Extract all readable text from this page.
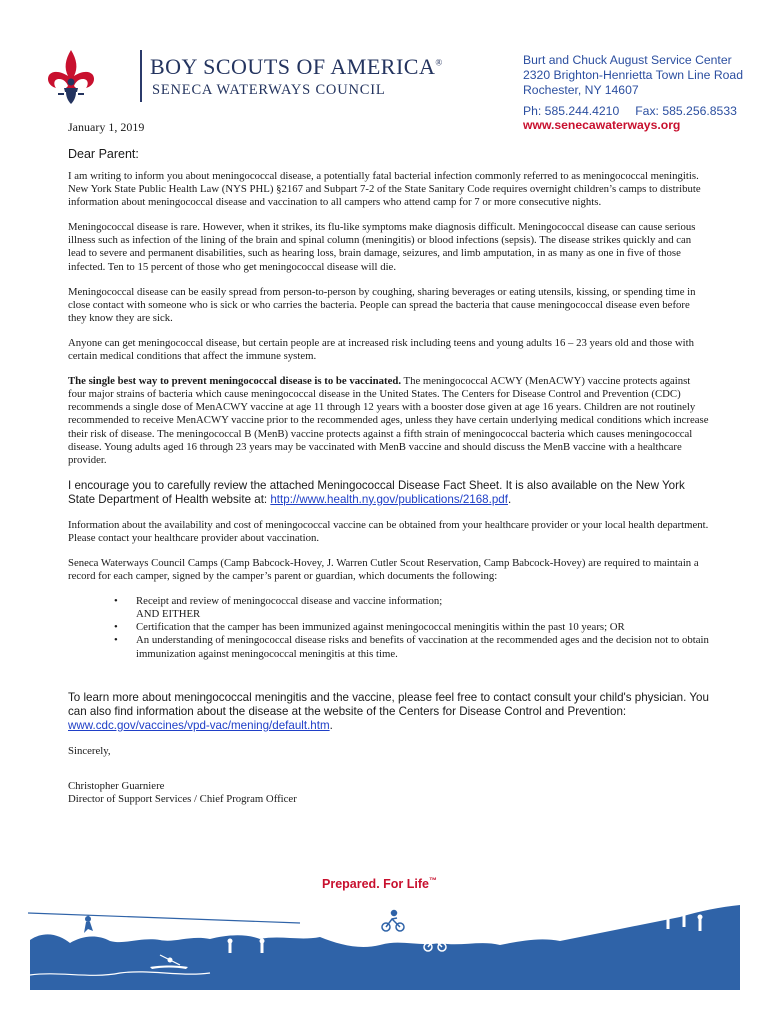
BOY SCOUTS OF AMERICA®
SENECA WATERWAYS COUNCIL
Burt and Chuck August Service Center
2320 Brighton-Henrietta Town Line Road
Rochester, NY 14607
Ph: 585.244.4210 Fax: 585.256.8533
www.senecawaterways.org
January 1, 2019
Dear Parent:

I am writing to inform you about meningococcal disease, a potentially fatal bacterial infection commonly referred to as meningococcal meningitis. New York State Public Health Law (NYS PHL) §2167 and Subpart 7-2 of the State Sanitary Code requires overnight children’s camps to distribute information about meningococcal disease and vaccination to all campers who attend camp for 7 or more consecutive nights.

Meningococcal disease is rare. However, when it strikes, its flu-like symptoms make diagnosis difficult. Meningococcal disease can cause serious illness such as infection of the lining of the brain and spinal column (meningitis) or blood infections (sepsis). The disease strikes quickly and can lead to severe and permanent disabilities, such as hearing loss, brain damage, seizures, and limb amputation, in as many as one in five of those infected. Ten to 15 percent of those who get meningococcal disease will die.

Meningococcal disease can be easily spread from person-to-person by coughing, sharing beverages or eating utensils, kissing, or spending time in close contact with someone who is sick or who carries the bacteria. People can spread the bacteria that cause meningococcal disease even before they know they are sick.

Anyone can get meningococcal disease, but certain people are at increased risk including teens and young adults 16 – 23 years old and those with certain medical conditions that affect the immune system.

The single best way to prevent meningococcal disease is to be vaccinated. The meningococcal ACWY (MenACWY) vaccine protects against four major strains of bacteria which cause meningococcal disease in the United States. The Centers for Disease Control and Prevention (CDC) recommends a single dose of MenACWY vaccine at age 11 through 12 years with a booster dose given at age 16 years. Children are not routinely recommended to receive MenACWY vaccine prior to the recommended ages, unless they have certain underlying medical conditions which increase their risk of disease. The meningococcal B (MenB) vaccine protects against a fifth strain of meningococcal bacteria which causes meningococcal disease. Young adults aged 16 through 23 years may be vaccinated with MenB vaccine and should discuss the MenB vaccine with a healthcare provider.

I encourage you to carefully review the attached Meningococcal Disease Fact Sheet. It is also available on the New York State Department of Health website at: http://www.health.ny.gov/publications/2168.pdf.

Information about the availability and cost of meningococcal vaccine can be obtained from your healthcare provider or your local health department. Please contact your healthcare provider about vaccination.

Seneca Waterways Council Camps (Camp Babcock-Hovey, J. Warren Cutler Scout Reservation, Camp Babcock-Hovey) are required to maintain a record for each camper, signed by the camper’s parent or guardian, which documents the following:

• Receipt and review of meningococcal disease and vaccine information;
AND EITHER
• Certification that the camper has been immunized against meningococcal meningitis within the past 10 years; OR
• An understanding of meningococcal disease risks and benefits of vaccination at the recommended ages and the decision not to obtain immunization against meningococcal meningitis at this time.

To learn more about meningococcal meningitis and the vaccine, please feel free to contact consult your child's physician. You can also find information about the disease at the website of the Centers for Disease Control and Prevention: www.cdc.gov/vaccines/vpd-vac/mening/default.htm.

Sincerely,

Christopher Guarniere

Director of Support Services / Chief Program Officer

Prepared. For Life™
